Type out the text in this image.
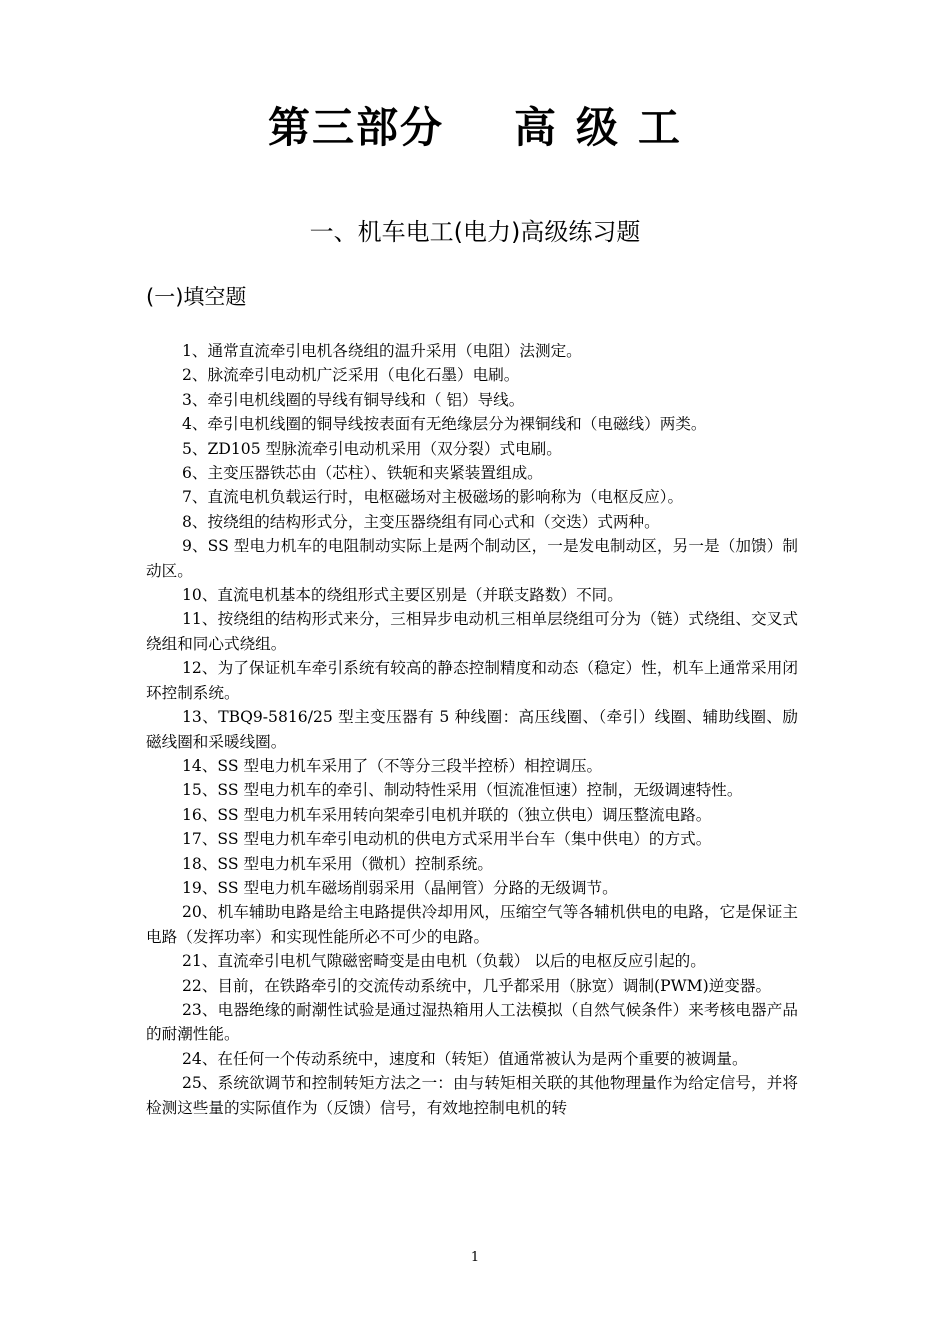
第三部分 高 级 工
一、机车电工(电力)高级练习题
(一)填空题

1、通常直流牵引电机各绕组的温升采用（电阻）法测定。

2、脉流牵引电动机广泛采用（电化石墨）电刷。

3、牵引电机线圈的导线有铜导线和（ 铝）导线。

4、牵引电机线圈的铜导线按表面有无绝缘层分为裸铜线和（电磁线）两类。

5、ZD105 型脉流牵引电动机采用（双分裂）式电刷。

6、主变压器铁芯由（芯柱）、铁轭和夹紧装置组成。

7、直流电机负载运行时，电枢磁场对主极磁场的影响称为（电枢反应）。

8、按绕组的结构形式分，主变压器绕组有同心式和（交迭）式两种。

9、SS 型电力机车的电阻制动实际上是两个制动区，一是发电制动区，另一是（加馈）制动区。

10、直流电机基本的绕组形式主要区别是（并联支路数）不同。

11、按绕组的结构形式来分，三相异步电动机三相单层绕组可分为（链）式绕组、交叉式绕组和同心式绕组。

12、为了保证机车牵引系统有较高的静态控制精度和动态（稳定）性，机车上通常采用闭环控制系统。

13、TBQ9-5816/25 型主变压器有 5 种线圈：高压线圈、（牵引）线圈、辅助线圈、励磁线圈和采暖线圈。

14、SS 型电力机车采用了（不等分三段半控桥）相控调压。

15、SS 型电力机车的牵引、制动特性采用（恒流准恒速）控制，无级调速特性。

16、SS 型电力机车采用转向架牵引电机并联的（独立供电）调压整流电路。

17、SS 型电力机车牵引电动机的供电方式采用半台车（集中供电）的方式。

18、SS 型电力机车采用（微机）控制系统。

19、SS 型电力机车磁场削弱采用（晶闸管）分路的无级调节。

20、机车辅助电路是给主电路提供冷却用风，压缩空气等各辅机供电的电路，它是保证主电路（发挥功率）和实现性能所必不可少的电路。

21、直流牵引电机气隙磁密畸变是由电机（负载） 以后的电枢反应引起的。

22、目前，在铁路牵引的交流传动系统中，几乎都采用（脉宽）调制(PWM)逆变器。

23、电器绝缘的耐潮性试验是通过湿热箱用人工法模拟（自然气候条件）来考核电器产品的耐潮性能。

24、在任何一个传动系统中，速度和（转矩）值通常被认为是两个重要的被调量。

25、系统欲调节和控制转矩方法之一：由与转矩相关联的其他物理量作为给定信号，并将检测这些量的实际值作为（反馈）信号，有效地控制电机的转

1
